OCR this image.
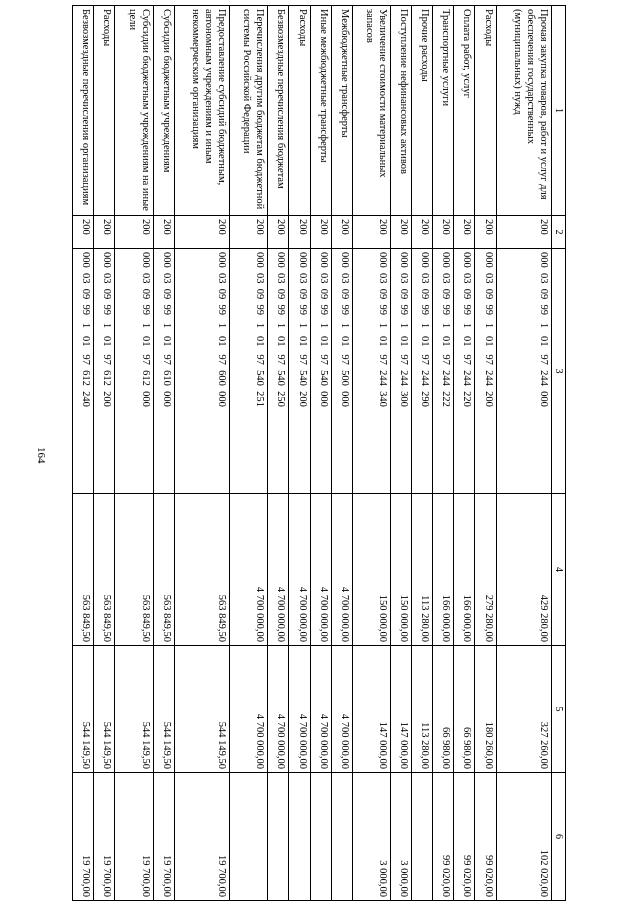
164
1	2	3	4	5	6
Прочая закупка товаров, работ и услуг для обеспечения государственных (муниципальных) нужд	200	000  03  09  99   1   01   97  244  000	429 280,00	327 260,00	102 020,00
Расходы	200	000  03  09  99   1   01   97  244  200	279 280,00	180 260,00	99 020,00
Оплата работ, услуг	200	000  03  09  99   1   01   97  244  220	166 000,00	66 980,00	99 020,00
Транспортные услуги	200	000  03  09  99   1   01   97  244  222	166 000,00	66 980,00	99 020,00
Прочие расходы	200	000  03  09  99   1   01   97  244  290	113 280,00	113 280,00	
Поступление нефинансовых активов	200	000  03  09  99   1   01   97  244  300	150 000,00	147 000,00	3 000,00
Увеличение стоимости материальных запасов	200	000  03  09  99   1   01   97  244  340	150 000,00	147 000,00	3 000,00
Межбюджетные трансферты	200	000  03  09  99   1   01   97  500  000	4 700 000,00	4 700 000,00	
Иные межбюджетные трансферты	200	000  03  09  99   1   01   97  540  000	4 700 000,00	4 700 000,00	
Расходы	200	000  03  09  99   1   01   97  540  200	4 700 000,00	4 700 000,00	
Безвозмездные перечисления бюджетам	200	000  03  09  99   1   01   97  540  250	4 700 000,00	4 700 000,00	
Перечисления другим бюджетам бюджетной системы Российской Федерации	200	000  03  09  99   1   01   97  540  251	4 700 000,00	4 700 000,00	
Предоставление субсидий бюджетным, автономным учреждениям и иным некоммерческим организациям	200	000  03  09  99   1   01   97  600  000	563 849,50	544 149,50	19 700,00
Субсидии бюджетным учреждениям	200	000  03  09  99   1   01   97  610  000	563 849,50	544 149,50	19 700,00
Субсидии бюджетным учреждениям на иные цели	200	000  03  09  99   1   01   97  612  000	563 849,50	544 149,50	19 700,00
Расходы	200	000  03  09  99   1   01   97  612  200	563 849,50	544 149,50	19 700,00
Безвозмездные перечисления организациям	200	000  03  09  99   1   01   97  612  240	563 849,50	544 149,50	19 700,00
